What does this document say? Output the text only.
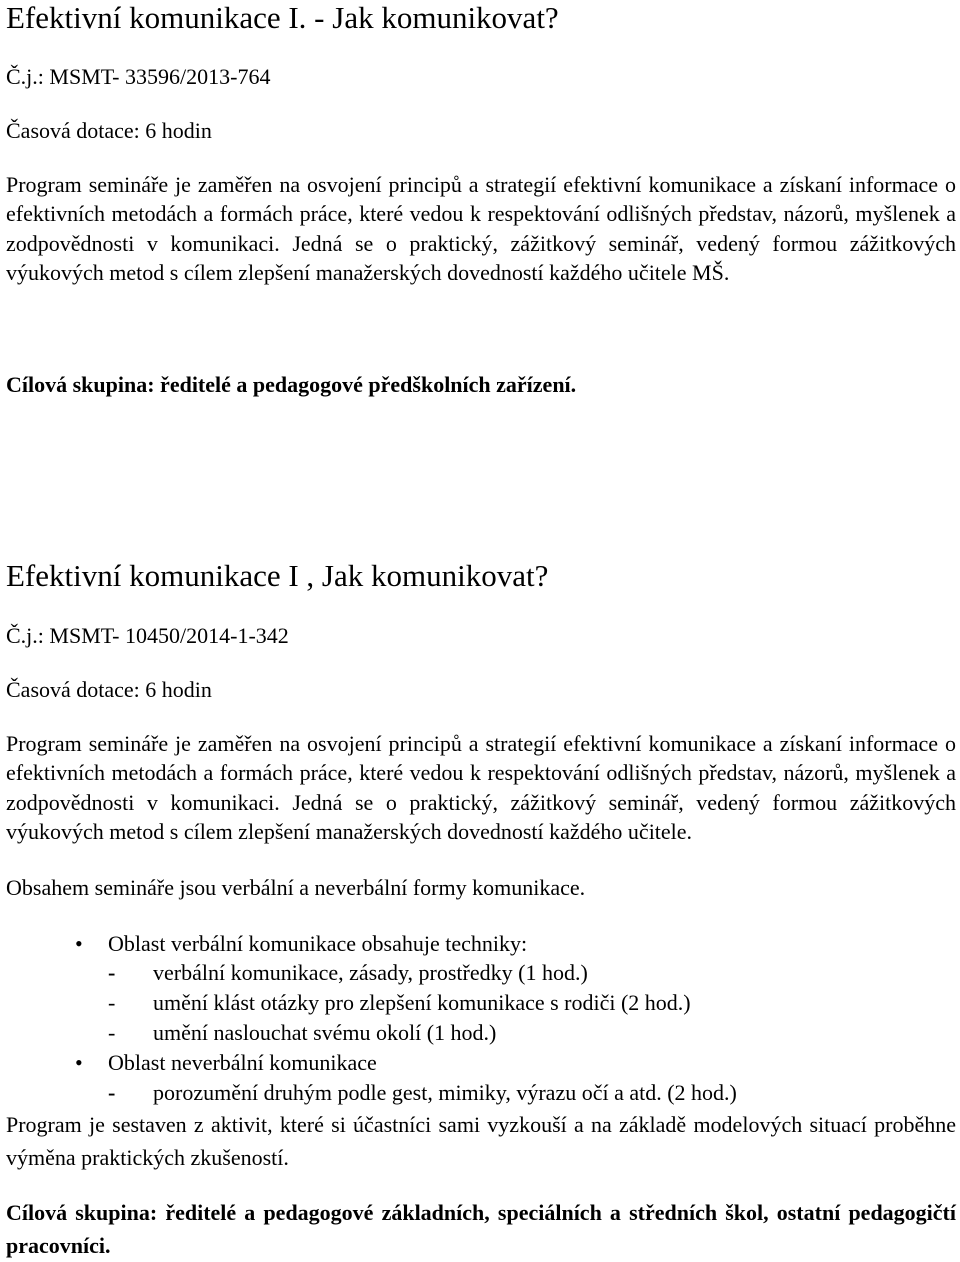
Efektivní komunikace I. - Jak komunikovat?
Č.j.: MSMT- 33596/2013-764
Časová dotace: 6 hodin
Program semináře je zaměřen na osvojení principů a strategií efektivní komunikace a získaní informace o efektivních metodách a formách práce, které vedou k respektování odlišných představ, názorů, myšlenek a zodpovědnosti v komunikaci. Jedná se o praktický, zážitkový seminář, vedený formou zážitkových výukových metod s cílem zlepšení manažerských dovedností každého učitele MŠ.
Cílová skupina: ředitelé a pedagogové předškolních zařízení.
Efektivní komunikace I , Jak komunikovat?
Č.j.: MSMT- 10450/2014-1-342
Časová dotace: 6 hodin
Program semináře je zaměřen na osvojení principů a strategií efektivní komunikace a získaní informace o efektivních metodách a formách práce, které vedou k respektování odlišných představ, názorů, myšlenek a zodpovědnosti v komunikaci. Jedná se o praktický, zážitkový seminář, vedený formou zážitkových výukových metod s cílem zlepšení manažerských dovedností každého učitele.
Obsahem semináře jsou verbální a neverbální formy komunikace.
• Oblast verbální komunikace obsahuje techniky:
- verbální komunikace, zásady, prostředky (1 hod.)
- umění klást otázky pro zlepšení komunikace s rodiči (2 hod.)
- umění naslouchat svému okolí (1 hod.)
• Oblast neverbální komunikace
- porozumění druhým podle gest, mimiky, výrazu očí a atd. (2 hod.)
Program je sestaven z aktivit, které si účastníci sami vyzkouší a na základě modelových situací proběhne výměna praktických zkušeností.
Cílová skupina: ředitelé a pedagogové základních, speciálních a středních škol, ostatní pedagogičtí pracovníci.
